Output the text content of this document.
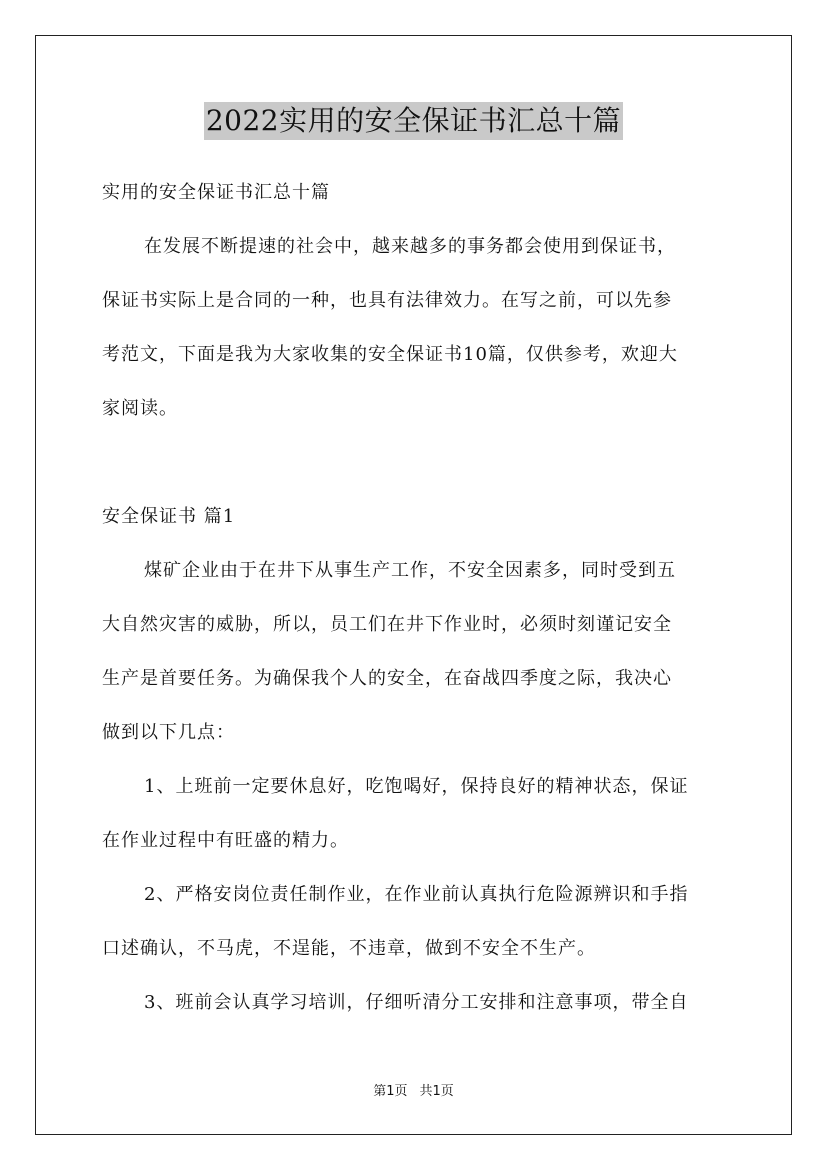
2022实用的安全保证书汇总十篇
实用的安全保证书汇总十篇
在发展不断提速的社会中，越来越多的事务都会使用到保证书，
保证书实际上是合同的一种，也具有法律效力。在写之前，可以先参
考范文，下面是我为大家收集的安全保证书10篇，仅供参考，欢迎大
家阅读。
安全保证书 篇1
煤矿企业由于在井下从事生产工作，不安全因素多，同时受到五
大自然灾害的威胁，所以，员工们在井下作业时，必须时刻谨记安全
生产是首要任务。为确保我个人的安全，在奋战四季度之际，我决心
做到以下几点：
1、上班前一定要休息好，吃饱喝好，保持良好的精神状态，保证
在作业过程中有旺盛的精力。
2、严格安岗位责任制作业，在作业前认真执行危险源辨识和手指
口述确认，不马虎，不逞能，不违章，做到不安全不生产。
3、班前会认真学习培训，仔细听清分工安排和注意事项，带全自
第1页 共1页
